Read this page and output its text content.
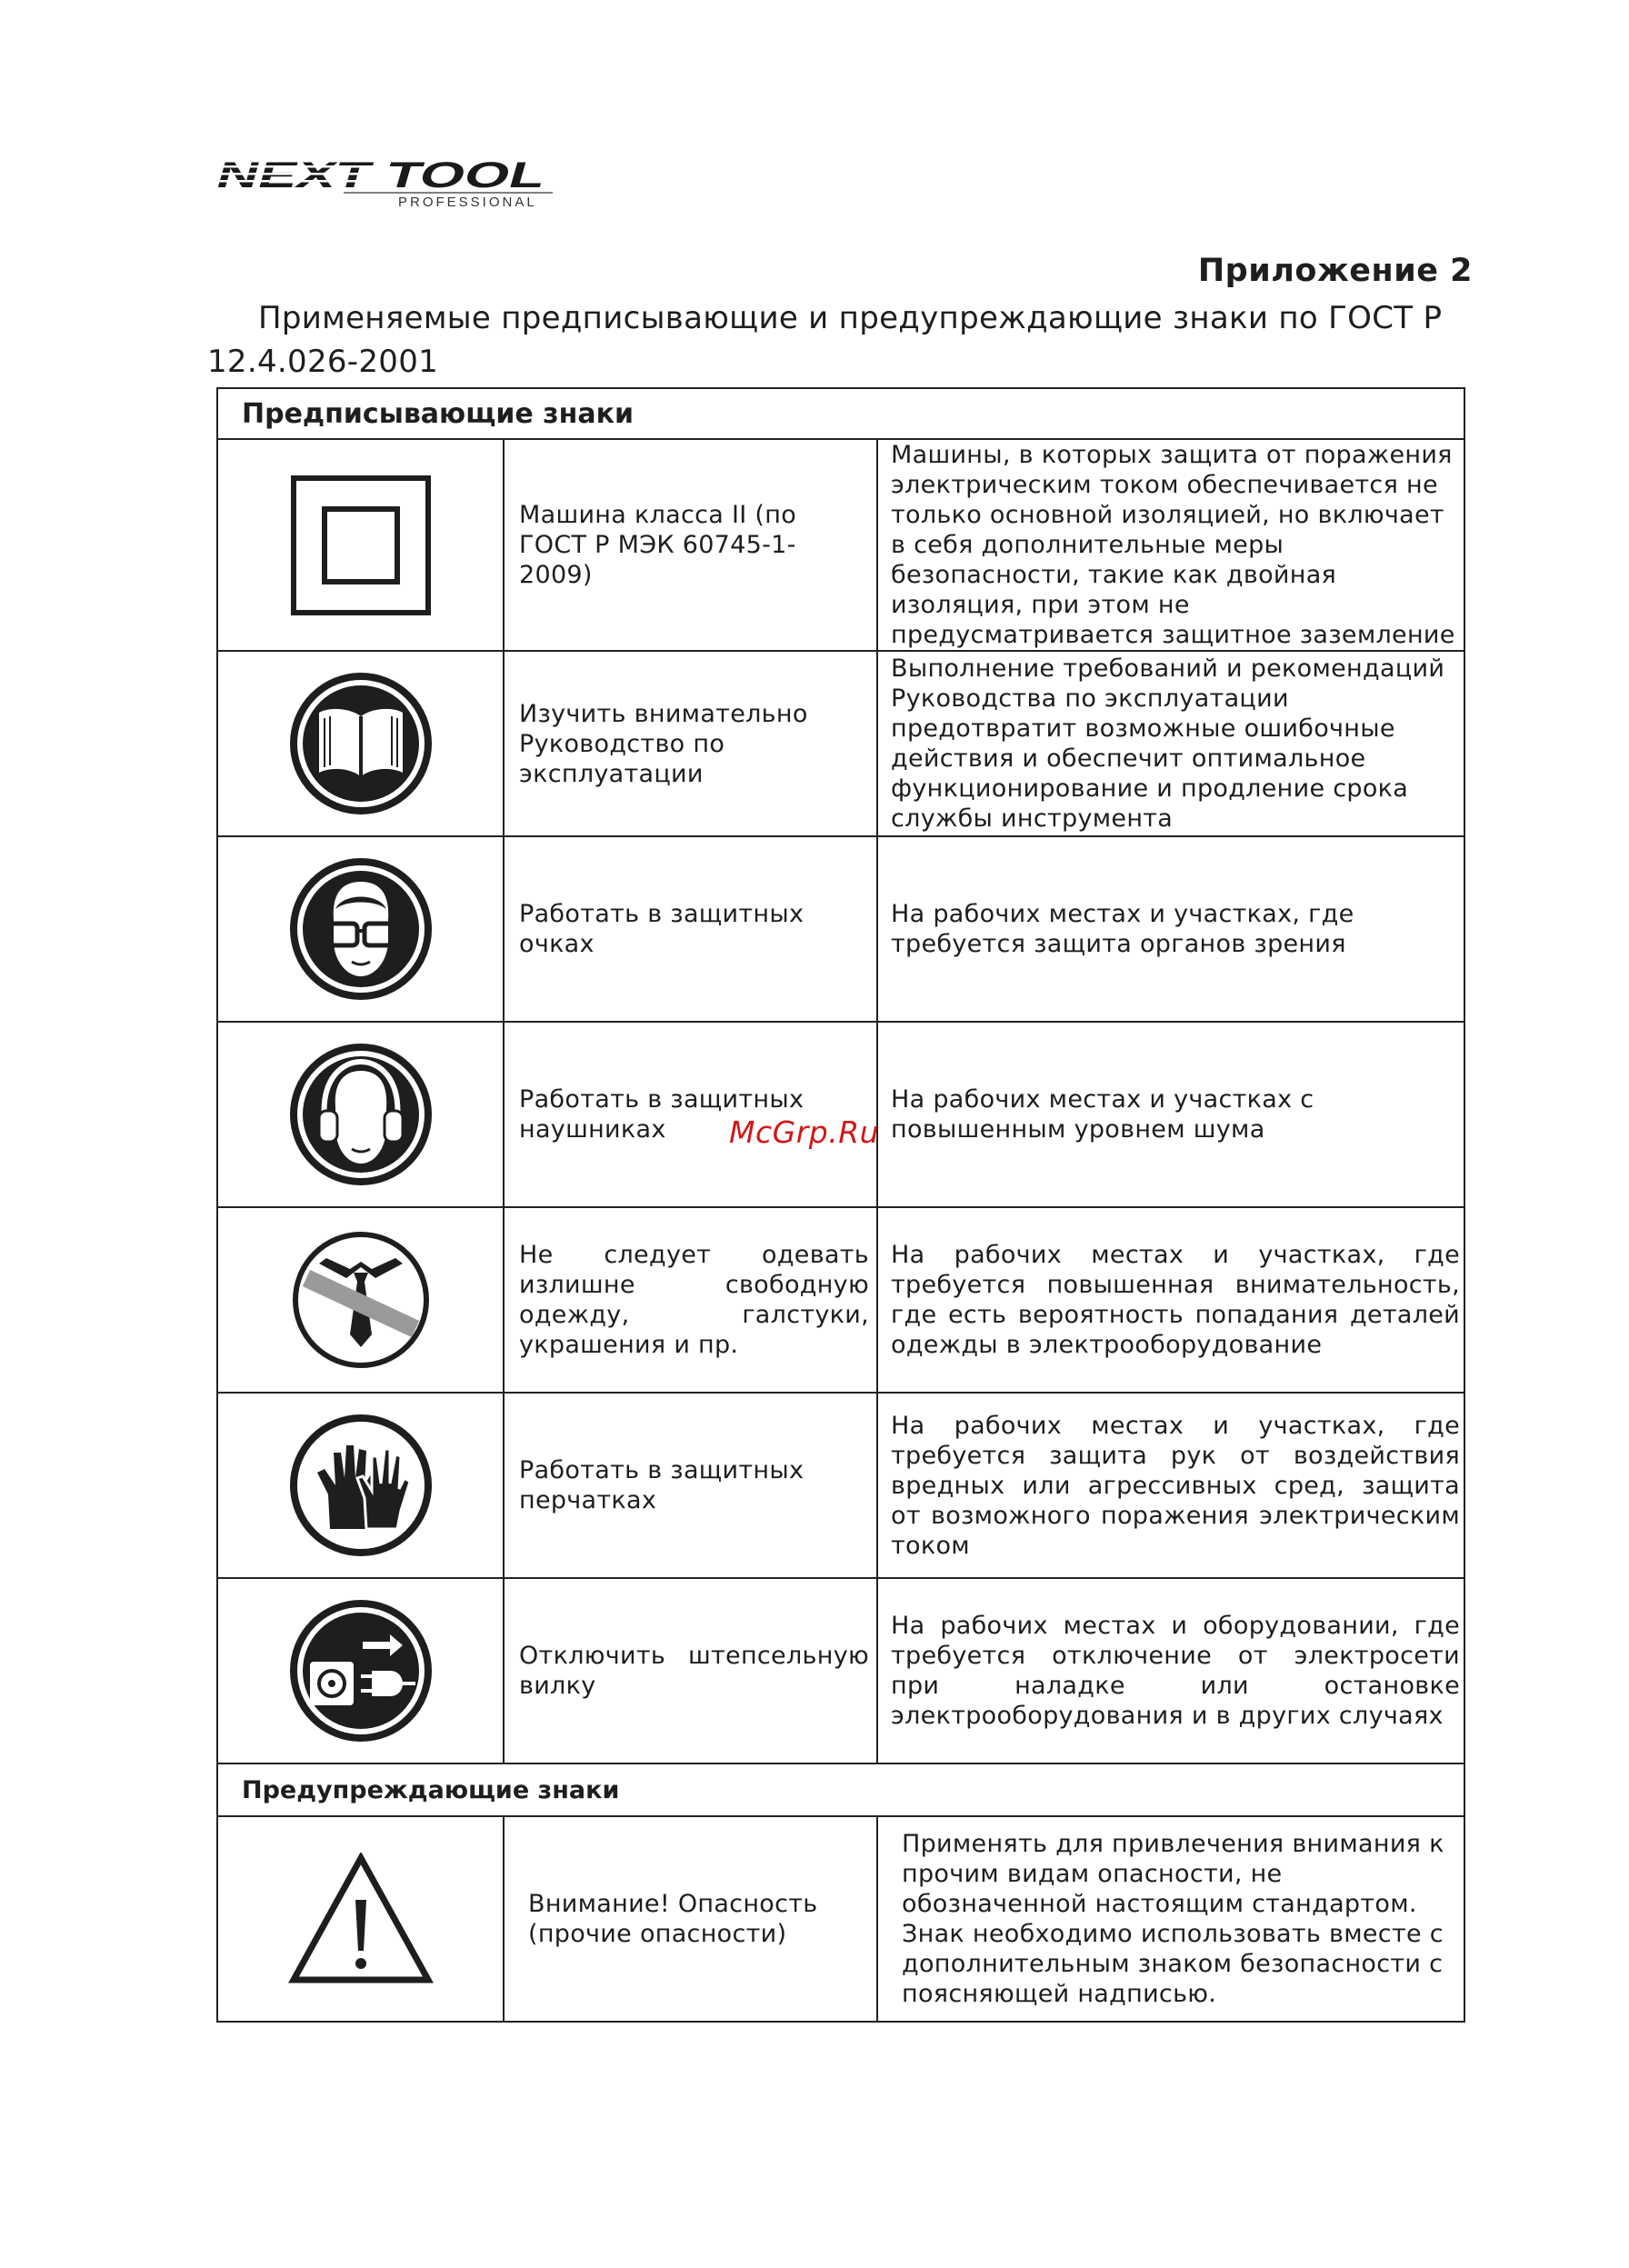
PROFESSIONAL
Приложение 2
Применяемые предписывающие и предупреждающие знаки по ГОСТ Р 12.4.026-2001
Предписывающие знаки		

	Машина класса II (по ГОСТ Р МЭК 60745-1-2009)	Машины, в которых защита от поражения электрическим током обеспечивается не только основной изоляцией, но включает в себя дополнительные меры безопасности, такие как двойная изоляция, при этом не предусматривается защитное заземление

	Изучить внимательно Руководство по эксплуатации	Выполнение требований и рекомендаций Руководства по эксплуатации предотвратит возможные ошибочные действия и обеспечит оптимальное функционирование и продление срока службы инструмента

	Работать в защитных очках	На рабочих местах и участках, где требуется защита органов зрения

	Работать в защитных наушниках	На рабочих местах и участках с повышенным уровнем шума

	Не следует одевать излишне свободную одежду, галстуки, украшения и пр.	На рабочих местах и участках, где требуется повышенная внимательность, где есть вероятность попадания деталей одежды в электрооборудование

	Работать в защитных перчатках	На рабочих местах и участках, где требуется защита рук от воздействия вредных или агрессивных сред, защита от возможного поражения электрическим током

	Отключить штепсельную вилку	На рабочих местах и оборудовании, где требуется отключение от электросети при наладке или остановке электрооборудования и в других случаях
Предупреждающие знаки		

	Внимание! Опасность (прочие опасности)	Применять для привлечения внимания к прочим видам опасности, не обозначенной настоящим стандартом. Знак необходимо использовать вместе с дополнительным знаком безопасности с поясняющей надписью.
McGrp.Ru
